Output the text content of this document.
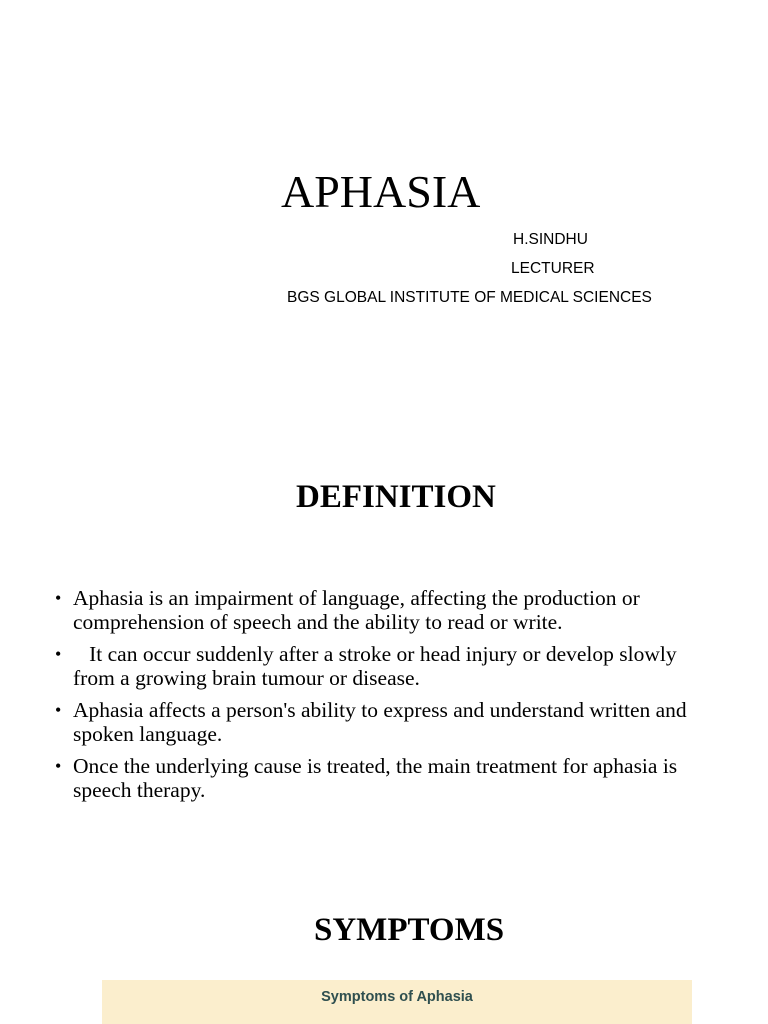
APHASIA
H.SINDHU
LECTURER
BGS GLOBAL INSTITUTE OF MEDICAL SCIENCES
DEFINITION
• Aphasia is an impairment of language, affecting the production or comprehension of speech and the ability to read or write.
• It can occur suddenly after a stroke or head injury or develop slowly from a growing brain tumour or disease.
• Aphasia affects a person's ability to express and understand written and spoken language.
• Once the underlying cause is treated, the main treatment for aphasia is speech therapy.
SYMPTOMS
Symptoms of Aphasia
